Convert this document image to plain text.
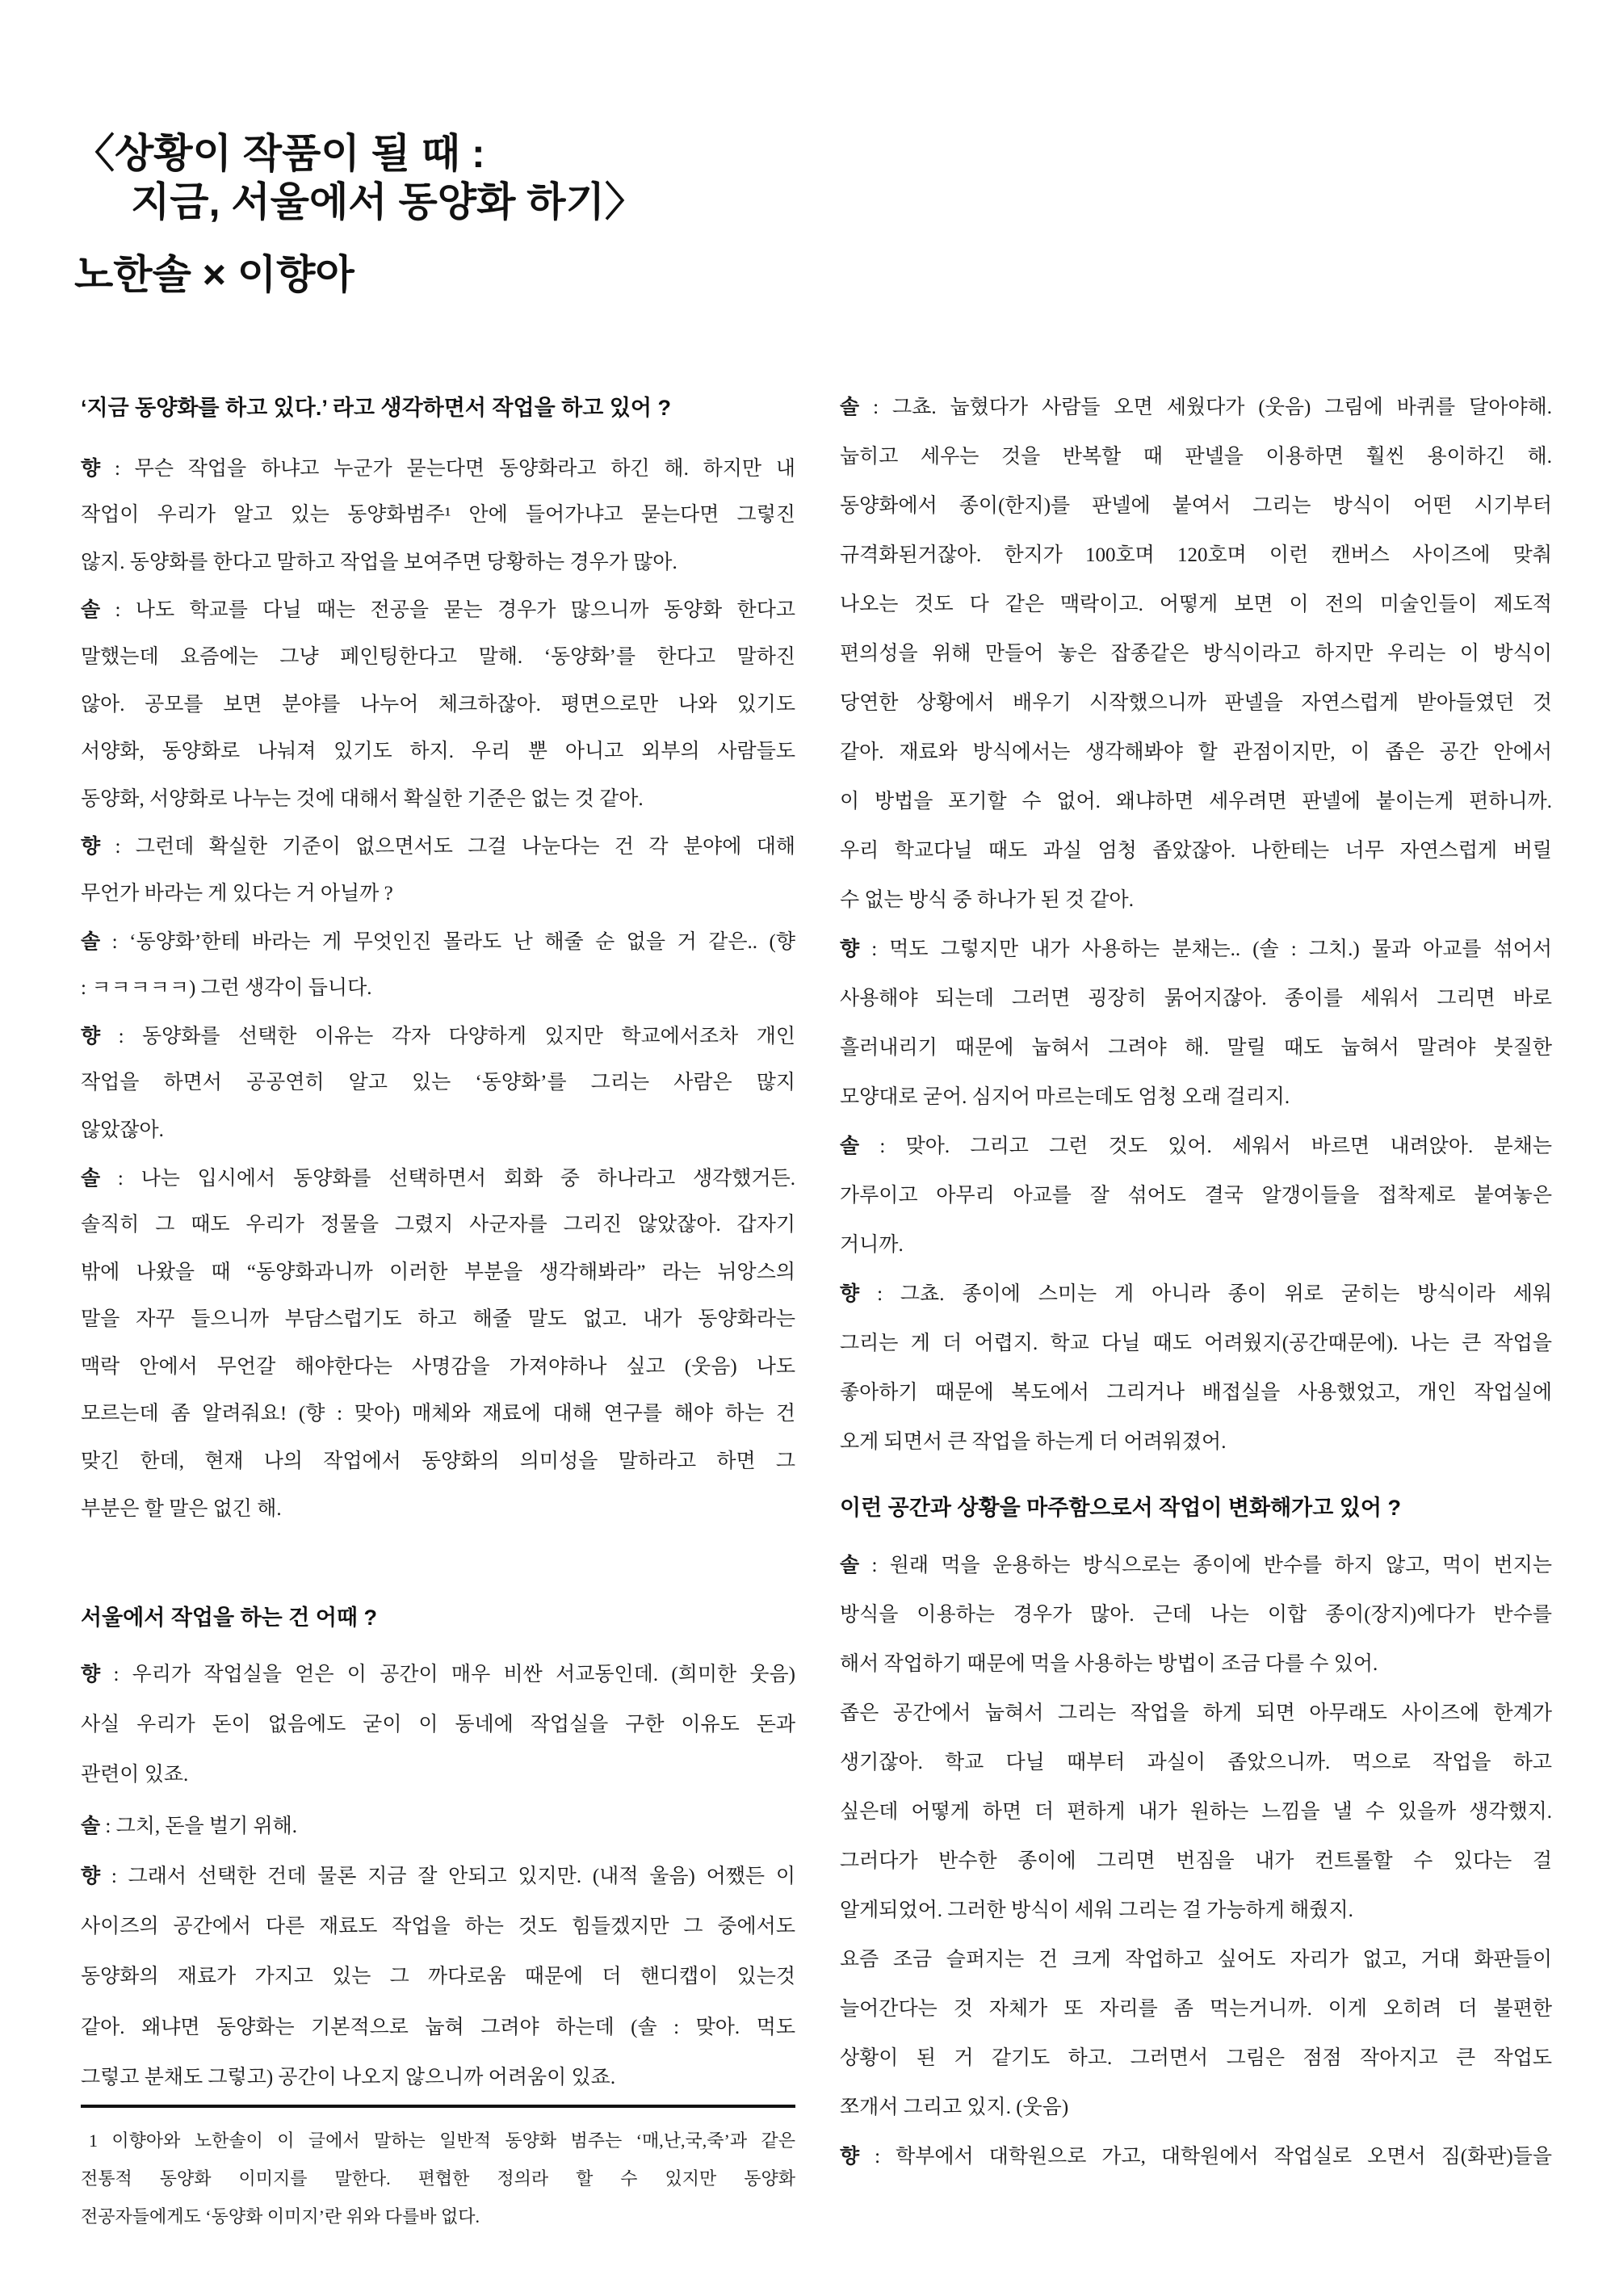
〈상황이 작품이 될 때 :
지금, 서울에서 동양화 하기〉
노한솔 × 이향아
‘지금 동양화를 하고 있다.’ 라고 생각하면서 작업을 하고 있어 ?
향 : 무슨 작업을 하냐고 누군가 묻는다면 동양화라고 하긴 해. 하지만 내
작업이 우리가 알고 있는 동양화범주¹ 안에 들어가냐고 묻는다면 그렇진
않지. 동양화를 한다고 말하고 작업을 보여주면 당황하는 경우가 많아.
솔 : 나도 학교를 다닐 때는 전공을 묻는 경우가 많으니까 동양화 한다고
말했는데 요즘에는 그냥 페인팅한다고 말해. ‘동양화’를 한다고 말하진
않아. 공모를 보면 분야를 나누어 체크하잖아. 평면으로만 나와 있기도
서양화, 동양화로 나눠져 있기도 하지. 우리 뿐 아니고 외부의 사람들도
동양화, 서양화로 나누는 것에 대해서 확실한 기준은 없는 것 같아.
향 : 그런데 확실한 기준이 없으면서도 그걸 나눈다는 건 각 분야에 대해
무언가 바라는 게 있다는 거 아닐까 ?
솔 : ‘동양화’한테 바라는 게 무엇인진 몰라도 난 해줄 순 없을 거 같은.. (향
: ㅋㅋㅋㅋㅋ) 그런 생각이 듭니다.
향 : 동양화를 선택한 이유는 각자 다양하게 있지만 학교에서조차 개인
작업을 하면서 공공연히 알고 있는 ‘동양화’를 그리는 사람은 많지
않았잖아.
솔 : 나는 입시에서 동양화를 선택하면서 회화 중 하나라고 생각했거든.
솔직히 그 때도 우리가 정물을 그렸지 사군자를 그리진 않았잖아. 갑자기
밖에 나왔을 때 “동양화과니까 이러한 부분을 생각해봐라” 라는 뉘앙스의
말을 자꾸 들으니까 부담스럽기도 하고 해줄 말도 없고. 내가 동양화라는
맥락 안에서 무언갈 해야한다는 사명감을 가져야하나 싶고 (웃음) 나도
모르는데 좀 알려줘요! (향 : 맞아) 매체와 재료에 대해 연구를 해야 하는 건
맞긴 한데, 현재 나의 작업에서 동양화의 의미성을 말하라고 하면 그
부분은 할 말은 없긴 해.
서울에서 작업을 하는 건 어때 ?
향 : 우리가 작업실을 얻은 이 공간이 매우 비싼 서교동인데. (희미한 웃음)
사실 우리가 돈이 없음에도 굳이 이 동네에 작업실을 구한 이유도 돈과
관련이 있죠.
솔 : 그치, 돈을 벌기 위해.
향 : 그래서 선택한 건데 물론 지금 잘 안되고 있지만. (내적 울음) 어쨌든 이
사이즈의 공간에서 다른 재료도 작업을 하는 것도 힘들겠지만 그 중에서도
동양화의 재료가 가지고 있는 그 까다로움 때문에 더 핸디캡이 있는것
같아. 왜냐면 동양화는 기본적으로 눕혀 그려야 하는데 (솔 : 맞아. 먹도
그렇고 분채도 그렇고) 공간이 나오지 않으니까 어려움이 있죠.
솔 : 그쵸. 눕혔다가 사람들 오면 세웠다가 (웃음) 그림에 바퀴를 달아야해.
눕히고 세우는 것을 반복할 때 판넬을 이용하면 훨씬 용이하긴 해.
동양화에서 종이(한지)를 판넬에 붙여서 그리는 방식이 어떤 시기부터
규격화된거잖아. 한지가 100호며 120호며 이런 캔버스 사이즈에 맞춰
나오는 것도 다 같은 맥락이고. 어떻게 보면 이 전의 미술인들이 제도적
편의성을 위해 만들어 놓은 잡종같은 방식이라고 하지만 우리는 이 방식이
당연한 상황에서 배우기 시작했으니까 판넬을 자연스럽게 받아들였던 것
같아. 재료와 방식에서는 생각해봐야 할 관점이지만, 이 좁은 공간 안에서
이 방법을 포기할 수 없어. 왜냐하면 세우려면 판넬에 붙이는게 편하니까.
우리 학교다닐 때도 과실 엄청 좁았잖아. 나한테는 너무 자연스럽게 버릴
수 없는 방식 중 하나가 된 것 같아.
향 : 먹도 그렇지만 내가 사용하는 분채는.. (솔 : 그치.) 물과 아교를 섞어서
사용해야 되는데 그러면 굉장히 묽어지잖아. 종이를 세워서 그리면 바로
흘러내리기 때문에 눕혀서 그려야 해. 말릴 때도 눕혀서 말려야 붓질한
모양대로 굳어. 심지어 마르는데도 엄청 오래 걸리지.
솔 : 맞아. 그리고 그런 것도 있어. 세워서 바르면 내려앉아. 분채는
가루이고 아무리 아교를 잘 섞어도 결국 알갱이들을 접착제로 붙여놓은
거니까.
향 : 그쵸. 종이에 스미는 게 아니라 종이 위로 굳히는 방식이라 세워
그리는 게 더 어렵지. 학교 다닐 때도 어려웠지(공간때문에). 나는 큰 작업을
좋아하기 때문에 복도에서 그리거나 배접실을 사용했었고, 개인 작업실에
오게 되면서 큰 작업을 하는게 더 어려워졌어.
이런 공간과 상황을 마주함으로서 작업이 변화해가고 있어 ?
솔 : 원래 먹을 운용하는 방식으로는 종이에 반수를 하지 않고, 먹이 번지는
방식을 이용하는 경우가 많아. 근데 나는 이합 종이(장지)에다가 반수를
해서 작업하기 때문에 먹을 사용하는 방법이 조금 다를 수 있어.
좁은 공간에서 눕혀서 그리는 작업을 하게 되면 아무래도 사이즈에 한계가
생기잖아. 학교 다닐 때부터 과실이 좁았으니까. 먹으로 작업을 하고
싶은데 어떻게 하면 더 편하게 내가 원하는 느낌을 낼 수 있을까 생각했지.
그러다가 반수한 종이에 그리면 번짐을 내가 컨트롤할 수 있다는 걸
알게되었어. 그러한 방식이 세워 그리는 걸 가능하게 해줬지.
요즘 조금 슬퍼지는 건 크게 작업하고 싶어도 자리가 없고, 거대 화판들이
늘어간다는 것 자체가 또 자리를 좀 먹는거니까. 이게 오히려 더 불편한
상황이 된 거 같기도 하고. 그러면서 그림은 점점 작아지고 큰 작업도
쪼개서 그리고 있지. (웃음)
향 : 학부에서 대학원으로 가고, 대학원에서 작업실로 오면서 짐(화판)들을
1 이향아와 노한솔이 이 글에서 말하는 일반적 동양화 범주는 ‘매,난,국,죽’과 같은
전통적 동양화 이미지를 말한다. 편협한 정의라 할 수 있지만 동양화
전공자들에게도 ‘동양화 이미지’란 위와 다를바 없다.
